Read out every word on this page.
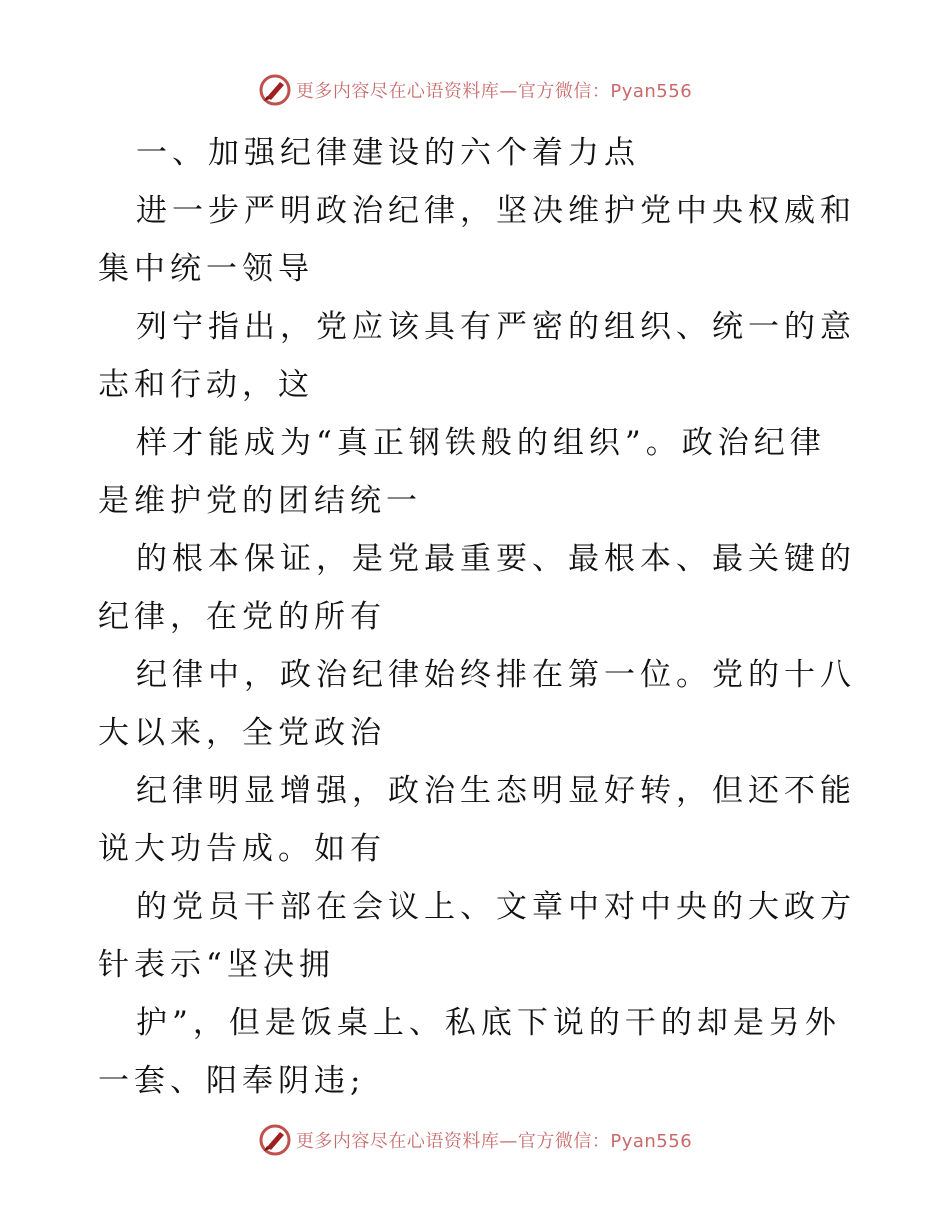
更多内容尽在心语资料库—官方微信：Pyan556

一、加强纪律建设的六个着力点

进一步严明政治纪律，坚决维护党中央权威和集中统一领导

列宁指出，党应该具有严密的组织、统一的意志和行动，这

样才能成为“真正钢铁般的组织”。政治纪律是维护党的团结统一

的根本保证，是党最重要、最根本、最关键的纪律，在党的所有

纪律中，政治纪律始终排在第一位。党的十八大以来，全党政治

纪律明显增强，政治生态明显好转，但还不能说大功告成。如有

的党员干部在会议上、文章中对中央的大政方针表示“坚决拥

护”，但是饭桌上、私底下说的干的却是另外一套、阳奉阴违;

更多内容尽在心语资料库—官方微信：Pyan556
